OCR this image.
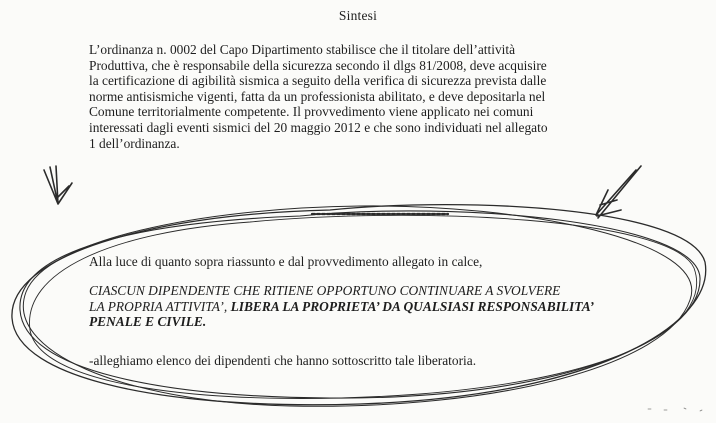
Sintesi
L’ordinanza n. 0002 del Capo Dipartimento stabilisce che il titolare dell’attività
Produttiva, che è responsabile della sicurezza secondo il dlgs 81/2008, deve acquisire
la certificazione di agibilità sismica a seguito della verifica di sicurezza prevista dalle
norme antisismiche vigenti, fatta da un professionista abilitato, e deve depositarla nel
Comune territorialmente competente. Il provvedimento viene applicato nei comuni
interessati dagli eventi sismici del 20 maggio 2012 e che sono individuati nel allegato
1 dell’ordinanza.
Alla luce di quanto sopra riassunto e dal provvedimento allegato in calce,
CIASCUN DIPENDENTE CHE RITIENE OPPORTUNO CONTINUARE A SVOLVERE
LA PROPRIA ATTIVITA’, LIBERA LA PROPRIETA’ DA QUALSIASI RESPONSABILITA’
PENALE E CIVILE.
-alleghiamo elenco dei dipendenti che hanno sottoscritto tale liberatoria.
